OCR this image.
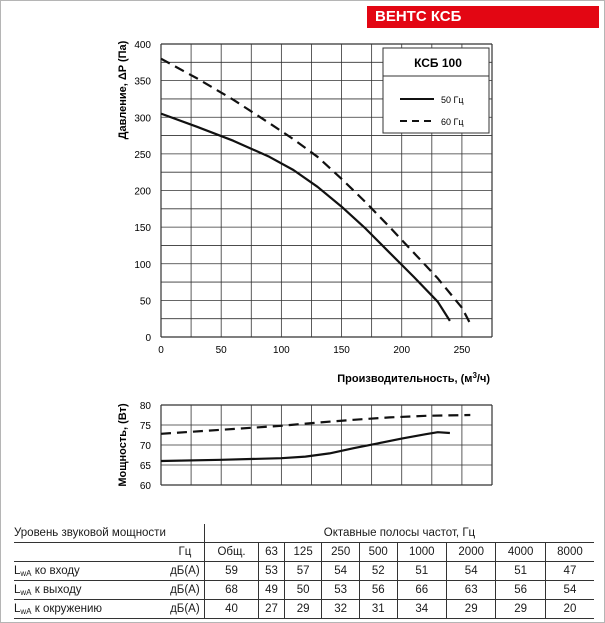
ВЕНТС КСБ
0
50
100
150
200
250
300
350
400
0	50	100	150	200	250
Давление, ΔP (Па)
Производительность, $(м^3/ч)$
КСБ 100
50 Гц
60 Гц
60
65
70
75
80
Мощность, (Вт)
Уровень звуковой мощности		Октавные полосы частот, Гц								
	Гц	Общ.	63	125	250	500	1000	2000	4000	8000
$L_{wA}$ ко входу	дБ(А)	59	53	57	54	52	51	54	51	47
$L_{wA}$ к выходу	дБ(А)	68	49	50	53	56	66	63	56	54
$L_{wA}$ к окружению	дБ(А)	40	27	29	32	31	34	29	29	20
